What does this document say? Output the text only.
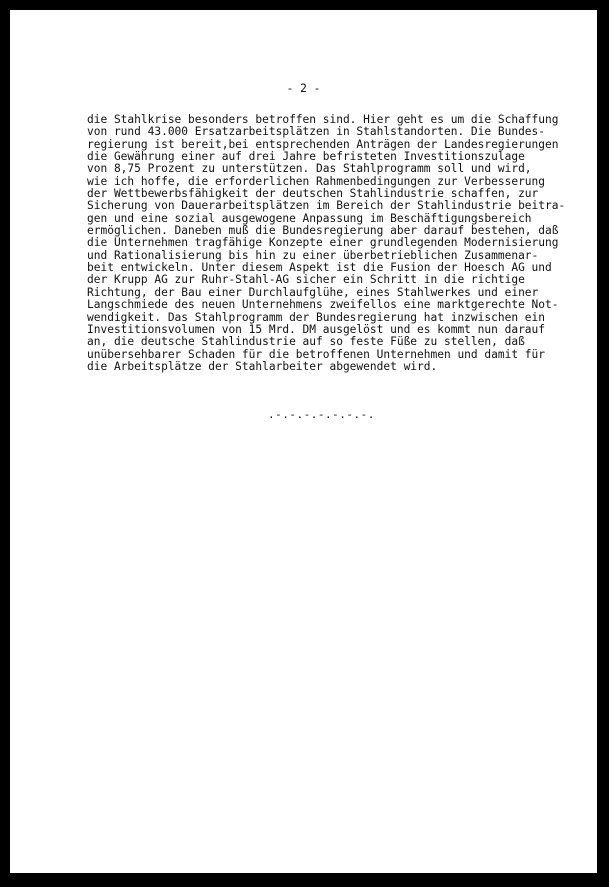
- 2 -
die Stahlkrise besonders betroffen sind. Hier geht es um die Schaffung
von rund 43.000 Ersatzarbeitsplätzen in Stahlstandorten. Die Bundes-
regierung ist bereit,bei entsprechenden Anträgen der Landesregierungen
die Gewährung einer auf drei Jahre befristeten Investitionszulage
von 8,75 Prozent zu unterstützen. Das Stahlprogramm soll und wird,
wie ich hoffe, die erforderlichen Rahmenbedingungen zur Verbesserung
der Wettbewerbsfähigkeit der deutschen Stahlindustrie schaffen, zur
Sicherung von Dauerarbeitsplätzen im Bereich der Stahlindustrie beitra-
gen und eine sozial ausgewogene Anpassung im Beschäftigungsbereich
ermöglichen. Daneben muß die Bundesregierung aber darauf bestehen, daß
die Unternehmen tragfähige Konzepte einer grundlegenden Modernisierung
und Rationalisierung bis hin zu einer überbetrieblichen Zusammenar-
beit entwickeln. Unter diesem Aspekt ist die Fusion der Hoesch AG und
der Krupp AG zur Ruhr-Stahl-AG sicher ein Schritt in die richtige
Richtung, der Bau einer Durchlaufglühe, eines Stahlwerkes und einer
Langschmiede des neuen Unternehmens zweifellos eine marktgerechte Not-
wendigkeit. Das Stahlprogramm der Bundesregierung hat inzwischen ein
Investitionsvolumen von 15 Mrd. DM ausgelöst und es kommt nun darauf
an, die deutsche Stahlindustrie auf so feste Füße zu stellen, daß
unübersehbarer Schaden für die betroffenen Unternehmen und damit für
die Arbeitsplätze der Stahlarbeiter abgewendet wird.
.-.-.-.-.-.-.-.
